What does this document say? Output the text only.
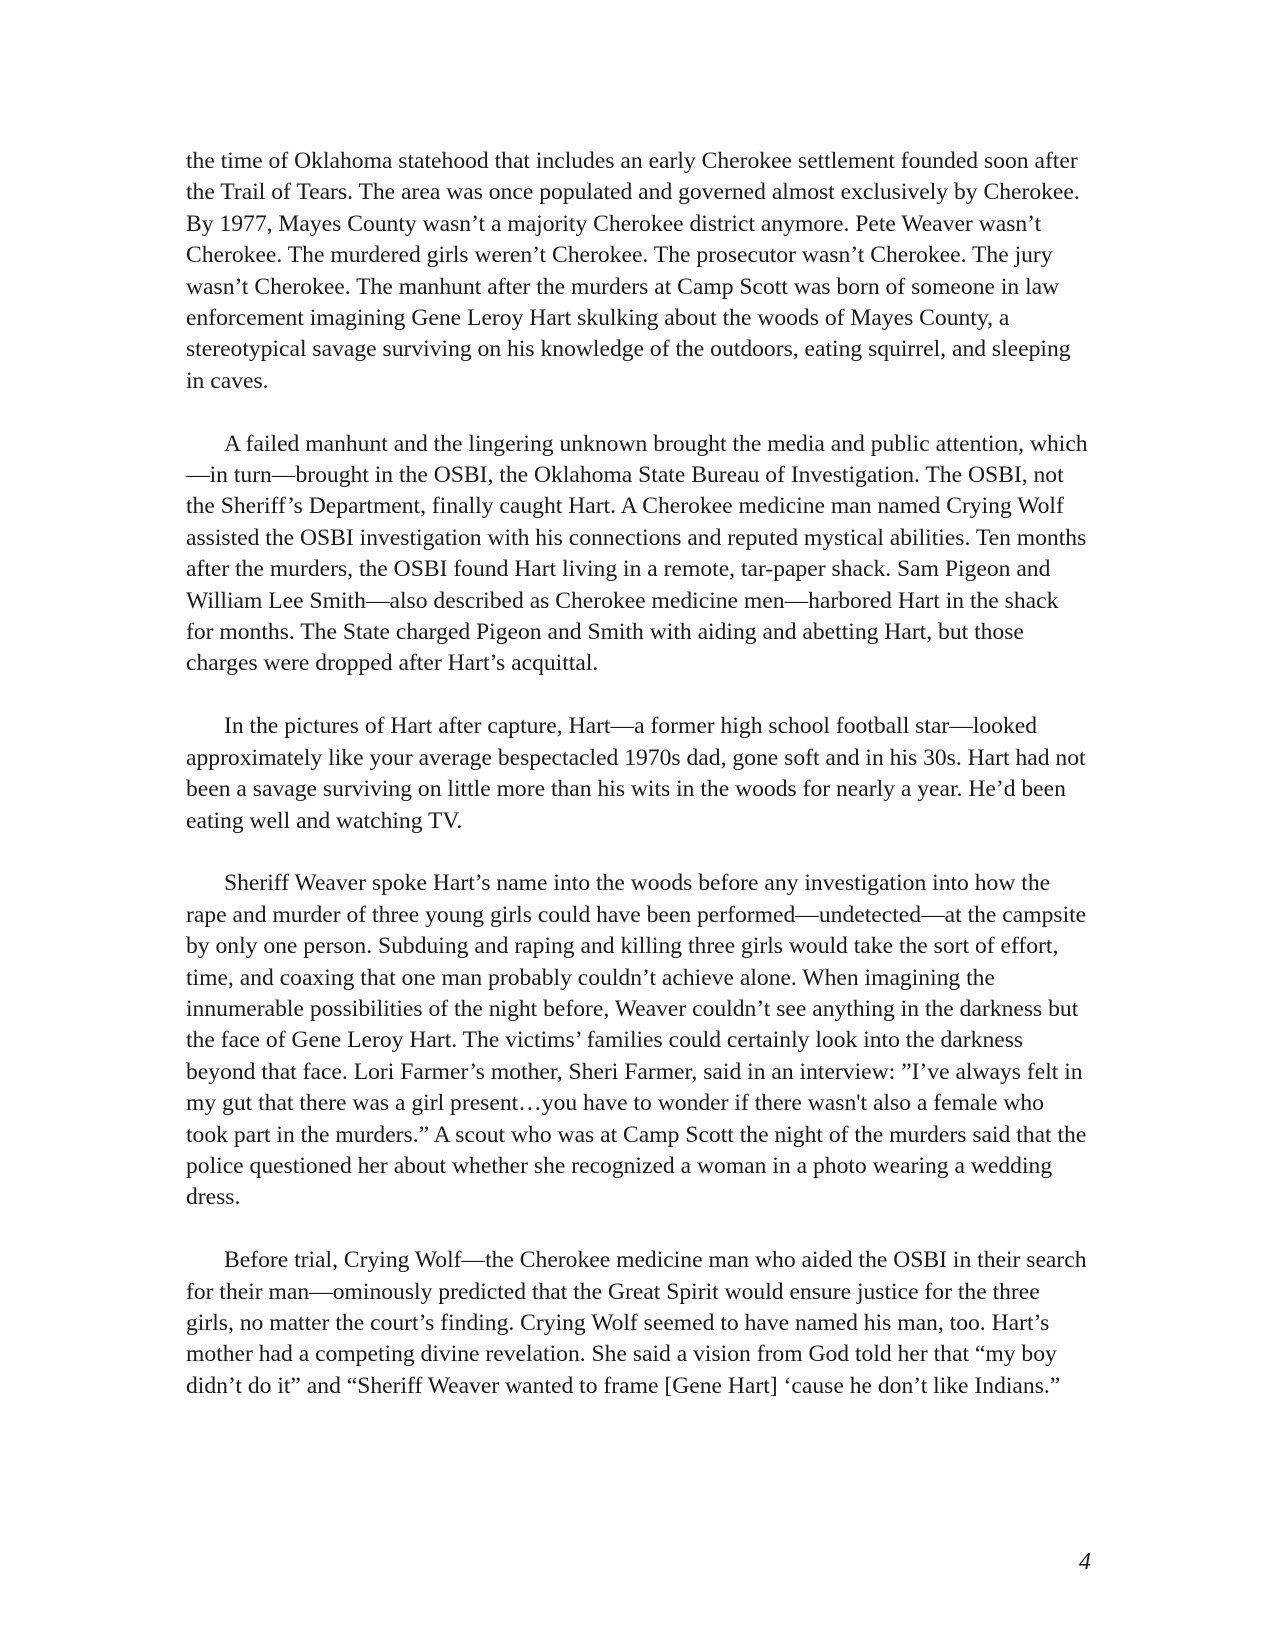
the time of Oklahoma statehood that includes an early Cherokee settlement founded soon after the Trail of Tears. The area was once populated and governed almost exclusively by Cherokee. By 1977, Mayes County wasn’t a majority Cherokee district anymore. Pete Weaver wasn’t Cherokee. The murdered girls weren’t Cherokee. The prosecutor wasn’t Cherokee. The jury wasn’t Cherokee. The manhunt after the murders at Camp Scott was born of someone in law enforcement imagining Gene Leroy Hart skulking about the woods of Mayes County, a stereotypical savage surviving on his knowledge of the outdoors, eating squirrel, and sleeping in caves.

A failed manhunt and the lingering unknown brought the media and public attention, which—in turn—brought in the OSBI, the Oklahoma State Bureau of Investigation. The OSBI, not the Sheriff’s Department, finally caught Hart. A Cherokee medicine man named Crying Wolf assisted the OSBI investigation with his connections and reputed mystical abilities. Ten months after the murders, the OSBI found Hart living in a remote, tar-paper shack. Sam Pigeon and William Lee Smith—also described as Cherokee medicine men—harbored Hart in the shack for months. The State charged Pigeon and Smith with aiding and abetting Hart, but those charges were dropped after Hart’s acquittal.

In the pictures of Hart after capture, Hart—a former high school football star—looked approximately like your average bespectacled 1970s dad, gone soft and in his 30s. Hart had not been a savage surviving on little more than his wits in the woods for nearly a year. He’d been eating well and watching TV.

Sheriff Weaver spoke Hart’s name into the woods before any investigation into how the rape and murder of three young girls could have been performed—undetected—at the campsite by only one person. Subduing and raping and killing three girls would take the sort of effort, time, and coaxing that one man probably couldn’t achieve alone. When imagining the innumerable possibilities of the night before, Weaver couldn’t see anything in the darkness but the face of Gene Leroy Hart. The victims’ families could certainly look into the darkness beyond that face. Lori Farmer’s mother, Sheri Farmer, said in an interview: ”I’ve always felt in my gut that there was a girl present…you have to wonder if there wasn't also a female who took part in the murders.” A scout who was at Camp Scott the night of the murders said that the police questioned her about whether she recognized a woman in a photo wearing a wedding dress.

Before trial, Crying Wolf—the Cherokee medicine man who aided the OSBI in their search for their man—ominously predicted that the Great Spirit would ensure justice for the three girls, no matter the court’s finding. Crying Wolf seemed to have named his man, too. Hart’s mother had a competing divine revelation. She said a vision from God told her that “my boy didn’t do it” and “Sheriff Weaver wanted to frame [Gene Hart] ‘cause he don’t like Indians.”

4
